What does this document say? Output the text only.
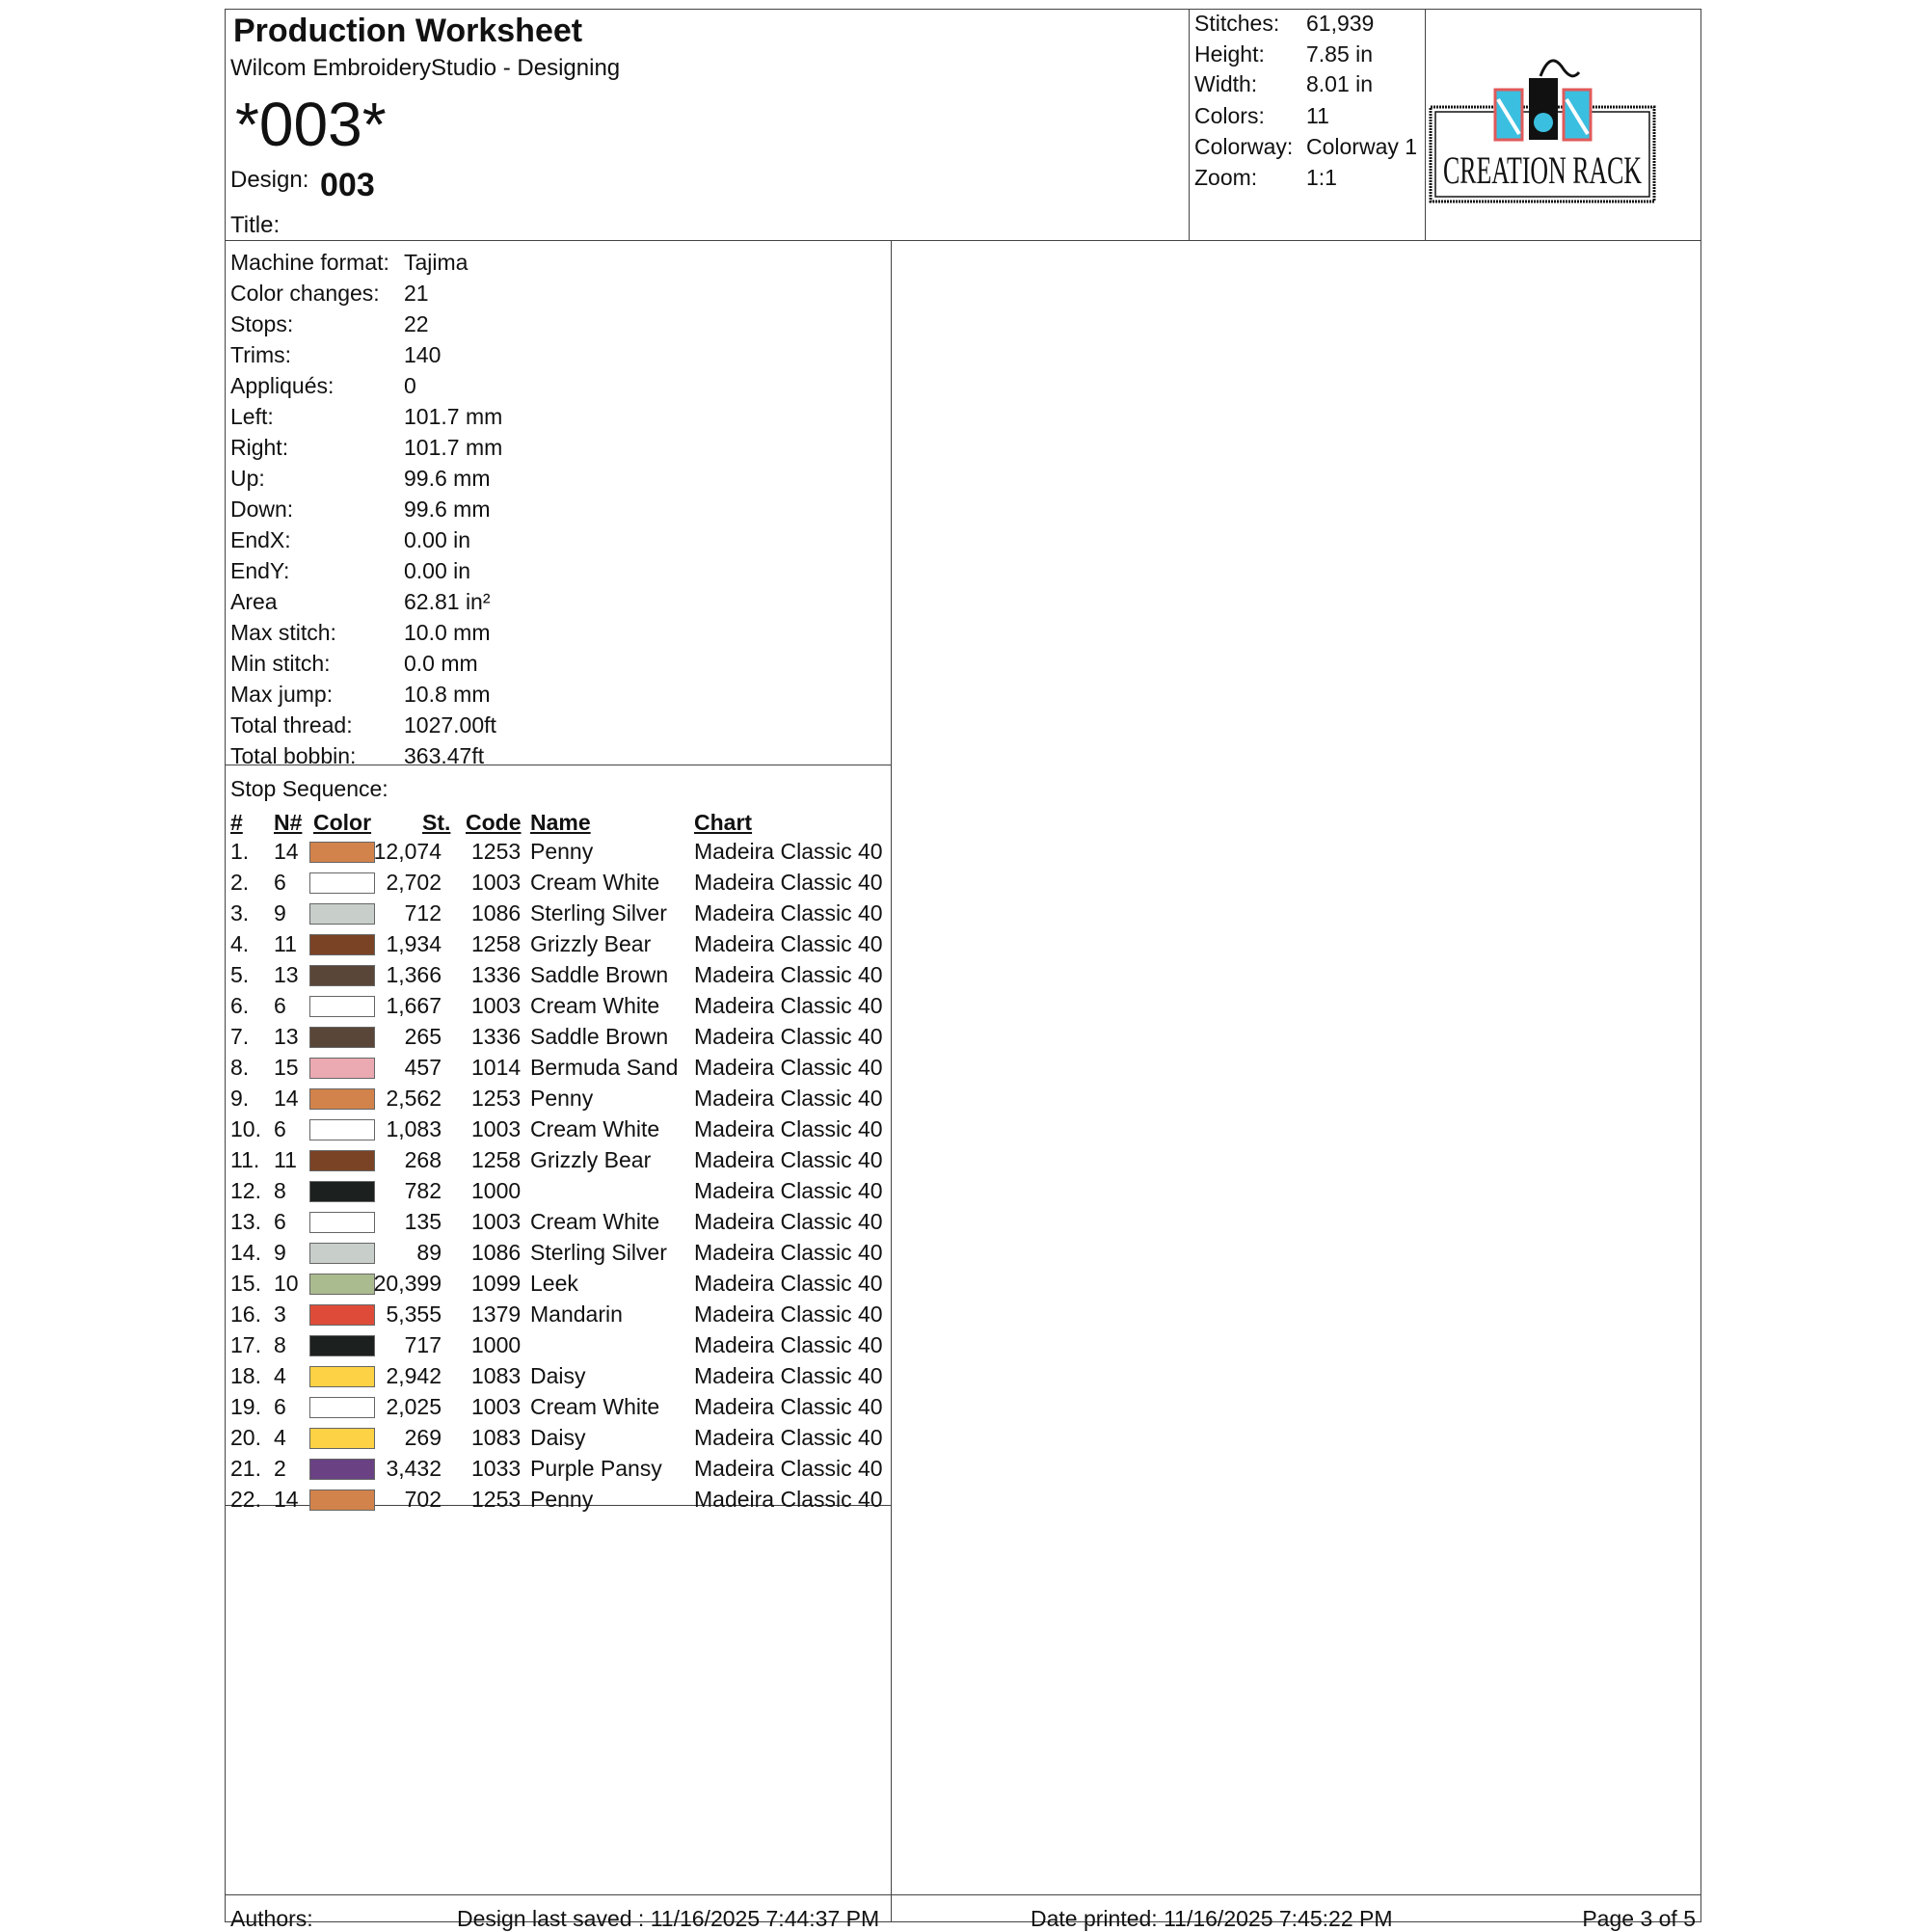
Production Worksheet
Wilcom EmbroideryStudio - Designing
*003*
Design: 003
Title:
Stitches: 61,939
Height: 7.85 in
Width: 8.01 in
Colors: 11
Colorway: Colorway 1
Zoom: 1:1	CREATION RACK
Machine format: Tajima
Color changes: 21
Stops:	22
Trims:	140
Appliqués:	0
Left:	101.7 mm
Right:	101.7 mm
Up:	99.6 mm
Down:	99.6 mm
EndX:	0.00 in
EndY:	0.00 in
Area	62.81 in²
Max stitch:	10.0 mm
Min stitch:	0.0 mm
Max jump:	10.8 mm
Total thread: 1027.00ft
Total bobbin: 363.47ft
Stop Sequence:
# N# Color St. Code Name	Chart
1. 14	12,074 1253 Penny	Madeira Classic 40
2. 6	2,702 1003 Cream White Madeira Classic 40
3. 9	712 1086 Sterling Silver Madeira Classic 40
4. 11	1,934 1258 Grizzly Bear Madeira Classic 40
5. 13	1,366 1336 Saddle Brown Madeira Classic 40
6. 6	1,667 1003 Cream White Madeira Classic 40
7. 13	265 1336 Saddle Brown Madeira Classic 40
8. 15	457 1014 Bermuda Sand Madeira Classic 40
9. 14	2,562 1253 Penny	Madeira Classic 40
10. 6	1,083 1003 Cream White Madeira Classic 40
11. 11	268 1258 Grizzly Bear Madeira Classic 40
12. 8	782 1000	Madeira Classic 40
13. 6	135 1003 Cream White Madeira Classic 40
14. 9	89 1086 Sterling Silver Madeira Classic 40
15. 10	20,399 1099 Leek	Madeira Classic 40
16. 3	5,355 1379 Mandarin	Madeira Classic 40
17. 8	717 1000	Madeira Classic 40
18. 4	2,942 1083 Daisy	Madeira Classic 40
19. 6	2,025 1003 Cream White Madeira Classic 40
20. 4	269 1083 Daisy	Madeira Classic 40
21. 2	3,432 1033 Purple Pansy Madeira Classic 40
22. 14	702 1253 Penny	Madeira Classic 40
Authors:	Design last saved : 11/16/2025 7:44:37 PM	Date printed: 11/16/2025 7:45:22 PM	Page 3 of 5
